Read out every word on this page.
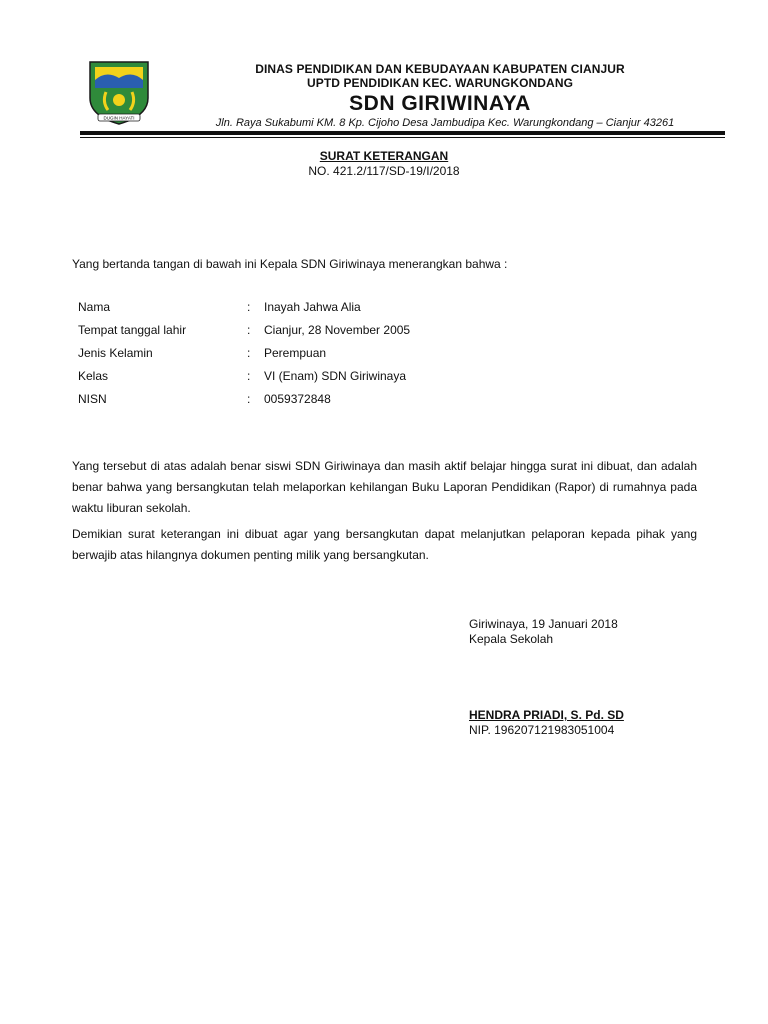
DUGIN HAYATI
DINAS PENDIDIKAN DAN KEBUDAYAAN KABUPATEN CIANJUR
UPTD PENDIDIKAN KEC. WARUNGKONDANG
SDN GIRIWINAYA
Jln. Raya Sukabumi KM. 8 Kp. Cijoho Desa Jambudipa Kec. Warungkondang – Cianjur 43261
SURAT KETERANGAN
NO. 421.2/117/SD-19/I/2018
Yang bertanda tangan di bawah ini Kepala SDN Giriwinaya menerangkan bahwa :
Nama	: Inayah Jahwa Alia
Tempat tanggal lahir	: Cianjur, 28 November 2005
Jenis Kelamin	: Perempuan
Kelas	: VI (Enam) SDN Giriwinaya
NISN	: 0059372848

Yang tersebut di atas adalah benar siswi SDN Giriwinaya dan masih aktif belajar hingga surat ini dibuat, dan adalah benar bahwa yang bersangkutan telah melaporkan kehilangan Buku Laporan Pendidikan (Rapor) di rumahnya pada waktu liburan sekolah.

Demikian surat keterangan ini dibuat agar yang bersangkutan dapat melanjutkan pelaporan kepada pihak yang berwajib atas hilangnya dokumen penting milik yang bersangkutan.

Giriwinaya, 19 Januari 2018
Kepala Sekolah
HENDRA PRIADI, S. Pd. SD
NIP. 196207121983051004
